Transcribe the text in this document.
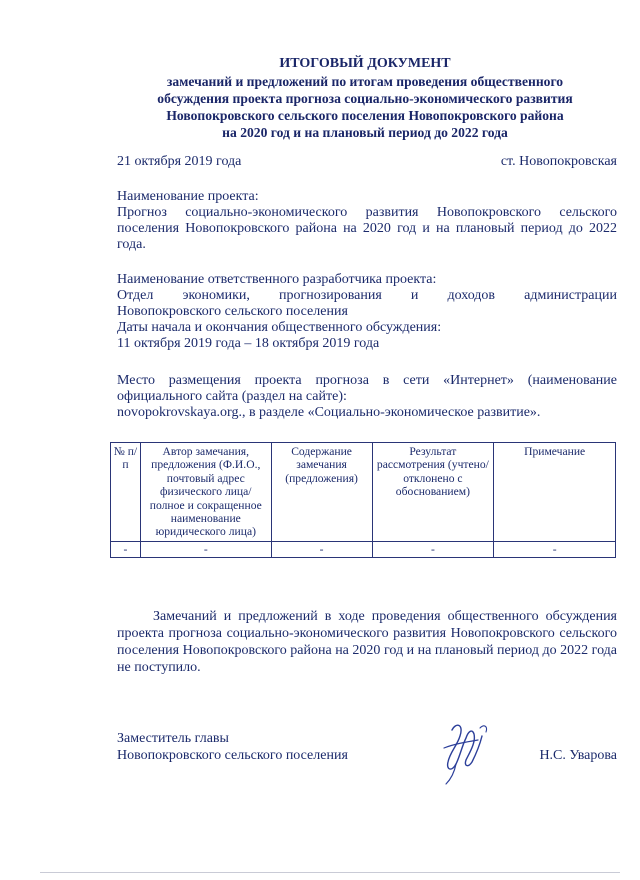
ИТОГОВЫЙ ДОКУМЕНТ
замечаний и предложений по итогам проведения общественного
обсуждения проекта прогноза социально-экономического развития
Новопокровского сельского поселения Новопокровского района
на 2020 год и на плановый период до 2022 года
21 октября 2019 года	ст. Новопокровская
Наименование проекта:
Прогноз социально-экономического развития Новопокровского сельского
поселения Новопокровского района на 2020 год и на плановый период до 2022
года.
Наименование ответственного разработчика проекта:
Отдел экономики, прогнозирования и доходов администрации
Новопокровского сельского поселения
Даты начала и окончания общественного обсуждения:
11 октября 2019 года – 18 октября 2019 года
Место размещения проекта прогноза в сети «Интернет» (наименование
официального сайта (раздел на сайте):
novopokrovskaya.org., в разделе «Социально-экономическое развитие».
№ п/п	Автор замечания, предложения (Ф.И.О., почтовый адрес физического лица/полное и сокращенное наименование юридического лица)	Содержание замечания (предложения)	Результат рассмотрения (учтено/отклонено с обоснованием)	Примечание
-	-	-	-	-
Замечаний и предложений в ходе проведения общественного обсуждения проекта прогноза социально-экономического развития Новопокровского сельского поселения Новопокровского района на 2020 год и на плановый период до 2022 года не поступило.
Заместитель главы
Новопокровского сельского поселения	Н.С. Уварова
